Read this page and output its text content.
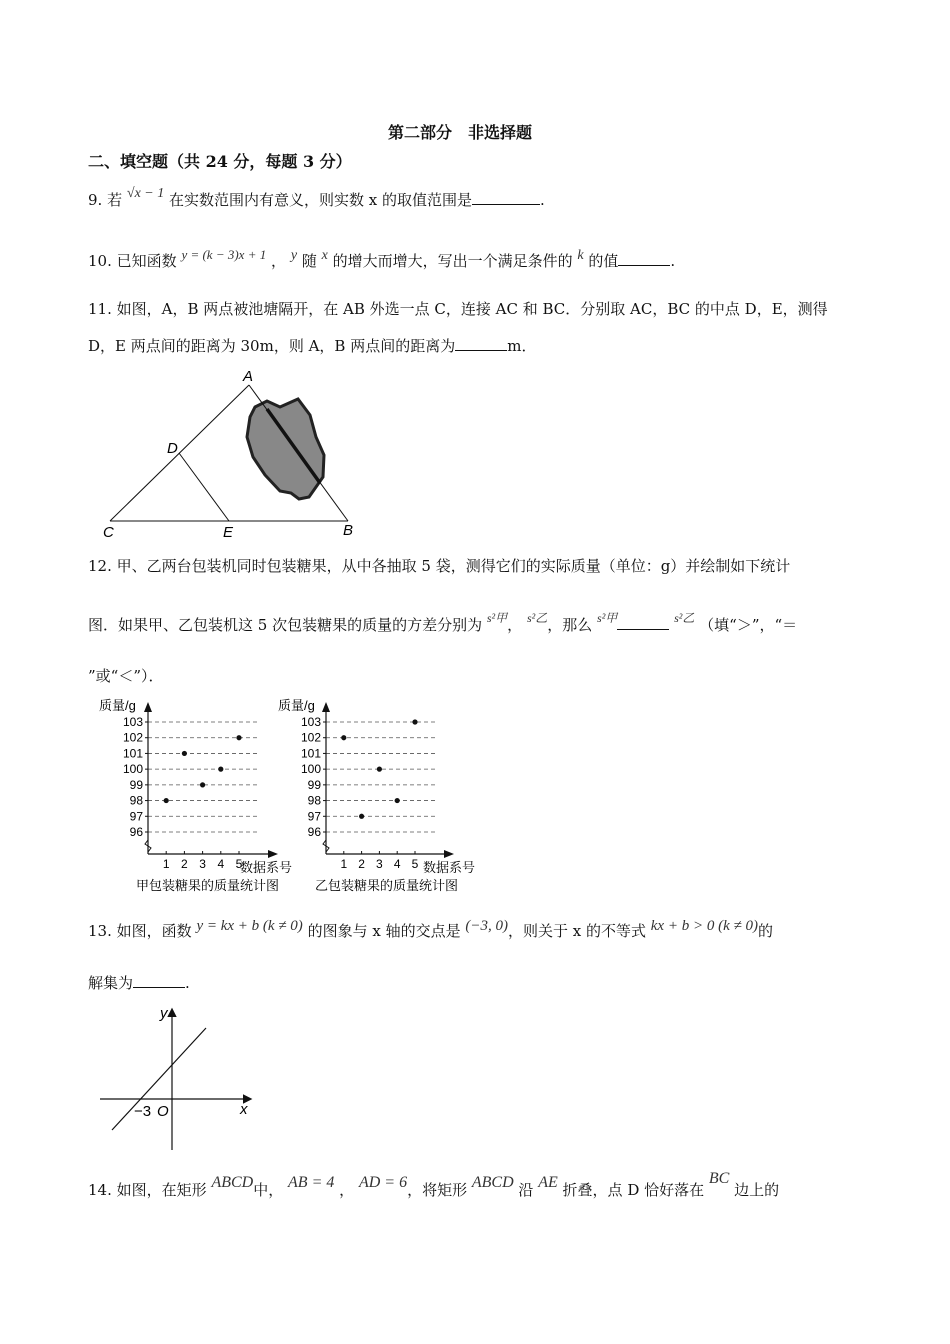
第二部分　非选择题
二、填空题（共 24 分，每题 3 分）
9. 若 √x − 1 在实数范围内有意义，则实数 x 的取值范围是	.
10. 已知函数 y = (k − 3)x + 1 ， y 随 x 的增大而增大，写出一个满足条件的 k 的值	.
11. 如图，A，B 两点被池塘隔开，在 AB 外选一点 C，连接 AC 和 BC．分别取 AC，BC 的中点 D，E，测得
D，E 两点间的距离为 30m，则 A，B 两点间的距离为	m．
A
D
C	E	B
12. 甲、乙两台包装机同时包装糖果，从中各抽取 5 袋，测得它们的实际质量（单位：g）并绘制如下统计
图．如果甲、乙包装机这 5 次包装糖果的质量的方差分别为 $^{s^2甲}$， $^{s^2乙}$，那么 $^{s^2甲}$	$^{s^2乙}$ （填“＞”，“＝
”或“＜”）．
96
97
98
99
100
101
102
103
1 2 3 4 5
质量/g
数据系号
甲包装糖果的质量统计图
96
97
98
99
100
101
102
103
1 2 3 4 5
质量/g
数据系号
乙包装糖果的质量统计图
13. 如图，函数 y = kx + b (k ≠ 0) 的图象与 x 轴的交点是 (−3, 0)，则关于 x 的不等式 kx + b > 0 (k ≠ 0)的
解集为	.
y
x
−3 O
14. 如图，在矩形 ABCD中， AB = 4 ， AD = 6，将矩形 ABCD 沿 AE 折叠，点 D 恰好落在 BC 边上的
